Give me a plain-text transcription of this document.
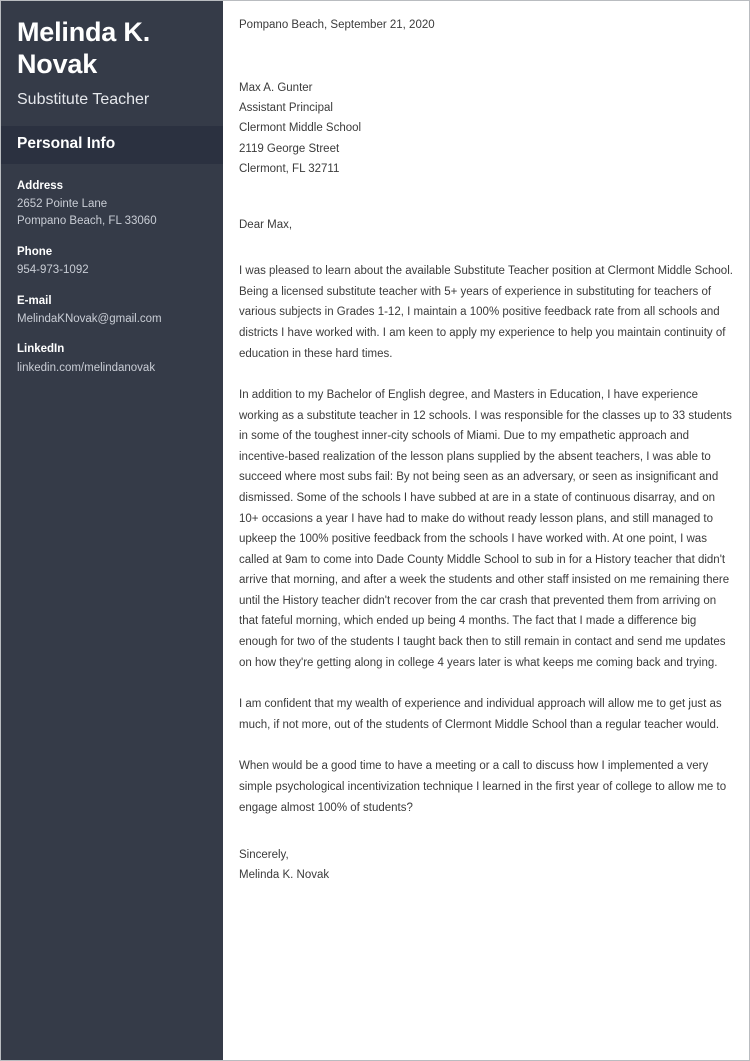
Melinda K. Novak
Substitute Teacher
Personal Info
Address
2652 Pointe Lane
Pompano Beach, FL 33060
Phone
954-973-1092
E-mail
MelindaKNovak@gmail.com
LinkedIn
linkedin.com/melindanovak
Pompano Beach, September 21, 2020
Max A. Gunter
Assistant Principal
Clermont Middle School
2119 George Street
Clermont, FL 32711
Dear Max,

I was pleased to learn about the available Substitute Teacher position at Clermont Middle School. Being a licensed substitute teacher with 5+ years of experience in substituting for teachers of various subjects in Grades 1-12, I maintain a 100% positive feedback rate from all schools and districts I have worked with. I am keen to apply my experience to help you maintain continuity of education in these hard times.

In addition to my Bachelor of English degree, and Masters in Education, I have experience working as a substitute teacher in 12 schools. I was responsible for the classes up to 33 students in some of the toughest inner-city schools of Miami. Due to my empathetic approach and incentive-based realization of the lesson plans supplied by the absent teachers, I was able to succeed where most subs fail: By not being seen as an adversary, or seen as insignificant and dismissed. Some of the schools I have subbed at are in a state of continuous disarray, and on 10+ occasions a year I have had to make do without ready lesson plans, and still managed to upkeep the 100% positive feedback from the schools I have worked with. At one point, I was called at 9am to come into Dade County Middle School to sub in for a History teacher that didn't arrive that morning, and after a week the students and other staff insisted on me remaining there until the History teacher didn't recover from the car crash that prevented them from arriving on that fateful morning, which ended up being 4 months. The fact that I made a difference big enough for two of the students I taught back then to still remain in contact and send me updates on how they're getting along in college 4 years later is what keeps me coming back and trying.

I am confident that my wealth of experience and individual approach will allow me to get just as much, if not more, out of the students of Clermont Middle School than a regular teacher would.

When would be a good time to have a meeting or a call to discuss how I implemented a very simple psychological incentivization technique I learned in the first year of college to allow me to engage almost 100% of students?

Sincerely,
Melinda K. Novak
